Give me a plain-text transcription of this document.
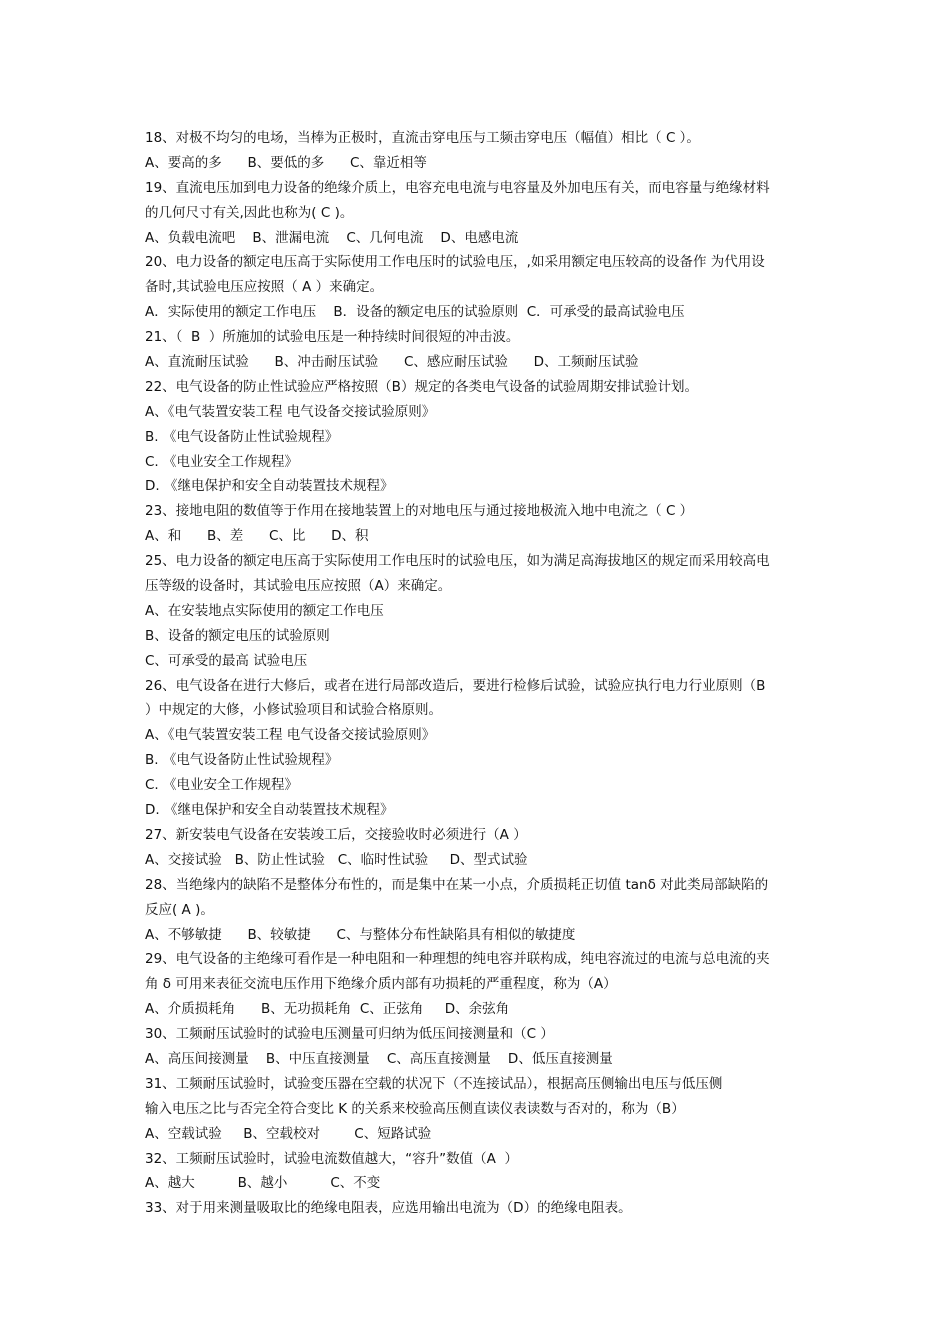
18、对极不均匀的电场，当棒为正极时，直流击穿电压与工频击穿电压（幅值）相比（ C ）。
A、要高的多      B、要低的多      C、靠近相等
19、直流电压加到电力设备的绝缘介质上，电容充电电流与电容量及外加电压有关，而电容量与绝缘材料
的几何尺寸有关,因此也称为( C )。
A、负载电流吧    B、泄漏电流    C、几何电流    D、电感电流
20、电力设备的额定电压高于实际使用工作电压时的试验电压，,如采用额定电压较高的设备作 为代用设
备时,其试验电压应按照（ A ）来确定。
A．实际使用的额定工作电压    B．设备的额定电压的试验原则  C．可承受的最高试验电压
21、（  B  ）所施加的试验电压是一种持续时间很短的冲击波。
A、直流耐压试验      B、冲击耐压试验      C、感应耐压试验      D、工频耐压试验
22、电气设备的防止性试验应严格按照（B）规定的各类电气设备的试验周期安排试验计划。
A、《电气装置安装工程 电气设备交接试验原则》
B. 《电气设备防止性试验规程》
C. 《电业安全工作规程》
D. 《继电保护和安全自动装置技术规程》
23、接地电阻的数值等于作用在接地装置上的对地电压与通过接地极流入地中电流之（ C ）
A、和      B、差      C、比      D、积
25、电力设备的额定电压高于实际使用工作电压时的试验电压，如为满足高海拔地区的规定而采用较高电
压等级的设备时，其试验电压应按照（A）来确定。
A、在安装地点实际使用的额定工作电压
B、设备的额定电压的试验原则
C、可承受的最高 试验电压
26、电气设备在进行大修后，或者在进行局部改造后，要进行检修后试验，试验应执行电力行业原则（B
）中规定的大修，小修试验项目和试验合格原则。
A、《电气装置安装工程 电气设备交接试验原则》
B. 《电气设备防止性试验规程》
C. 《电业安全工作规程》
D. 《继电保护和安全自动装置技术规程》
27、新安装电气设备在安装竣工后，交接验收时必须进行（A ）
A、交接试验   B、防止性试验   C、临时性试验     D、型式试验
28、当绝缘内的缺陷不是整体分布性的，而是集中在某一小点，介质损耗正切值 tanδ 对此类局部缺陷的
反应( A )。
A、不够敏捷      B、较敏捷      C、与整体分布性缺陷具有相似的敏捷度
29、电气设备的主绝缘可看作是一种电阻和一种理想的纯电容并联构成，纯电容流过的电流与总电流的夹
角 δ 可用来表征交流电压作用下绝缘介质内部有功损耗的严重程度，称为（A）
A、介质损耗角      B、无功损耗角  C、正弦角     D、余弦角
30、工频耐压试验时的试验电压测量可归纳为低压间接测量和（C ）
A、高压间接测量    B、中压直接测量    C、高压直接测量    D、低压直接测量
31、工频耐压试验时，试验变压器在空载的状况下（不连接试品），根据高压侧输出电压与低压侧
输入电压之比与否完全符合变比 K 的关系来校验高压侧直读仪表读数与否对的，称为（B）
A、空载试验     B、空载校对        C、短路试验
32、工频耐压试验时，试验电流数值越大，“容升”数值（A  ）
A、越大          B、越小          C、不变
33、对于用来测量吸取比的绝缘电阻表，应选用输出电流为（D）的绝缘电阻表。
